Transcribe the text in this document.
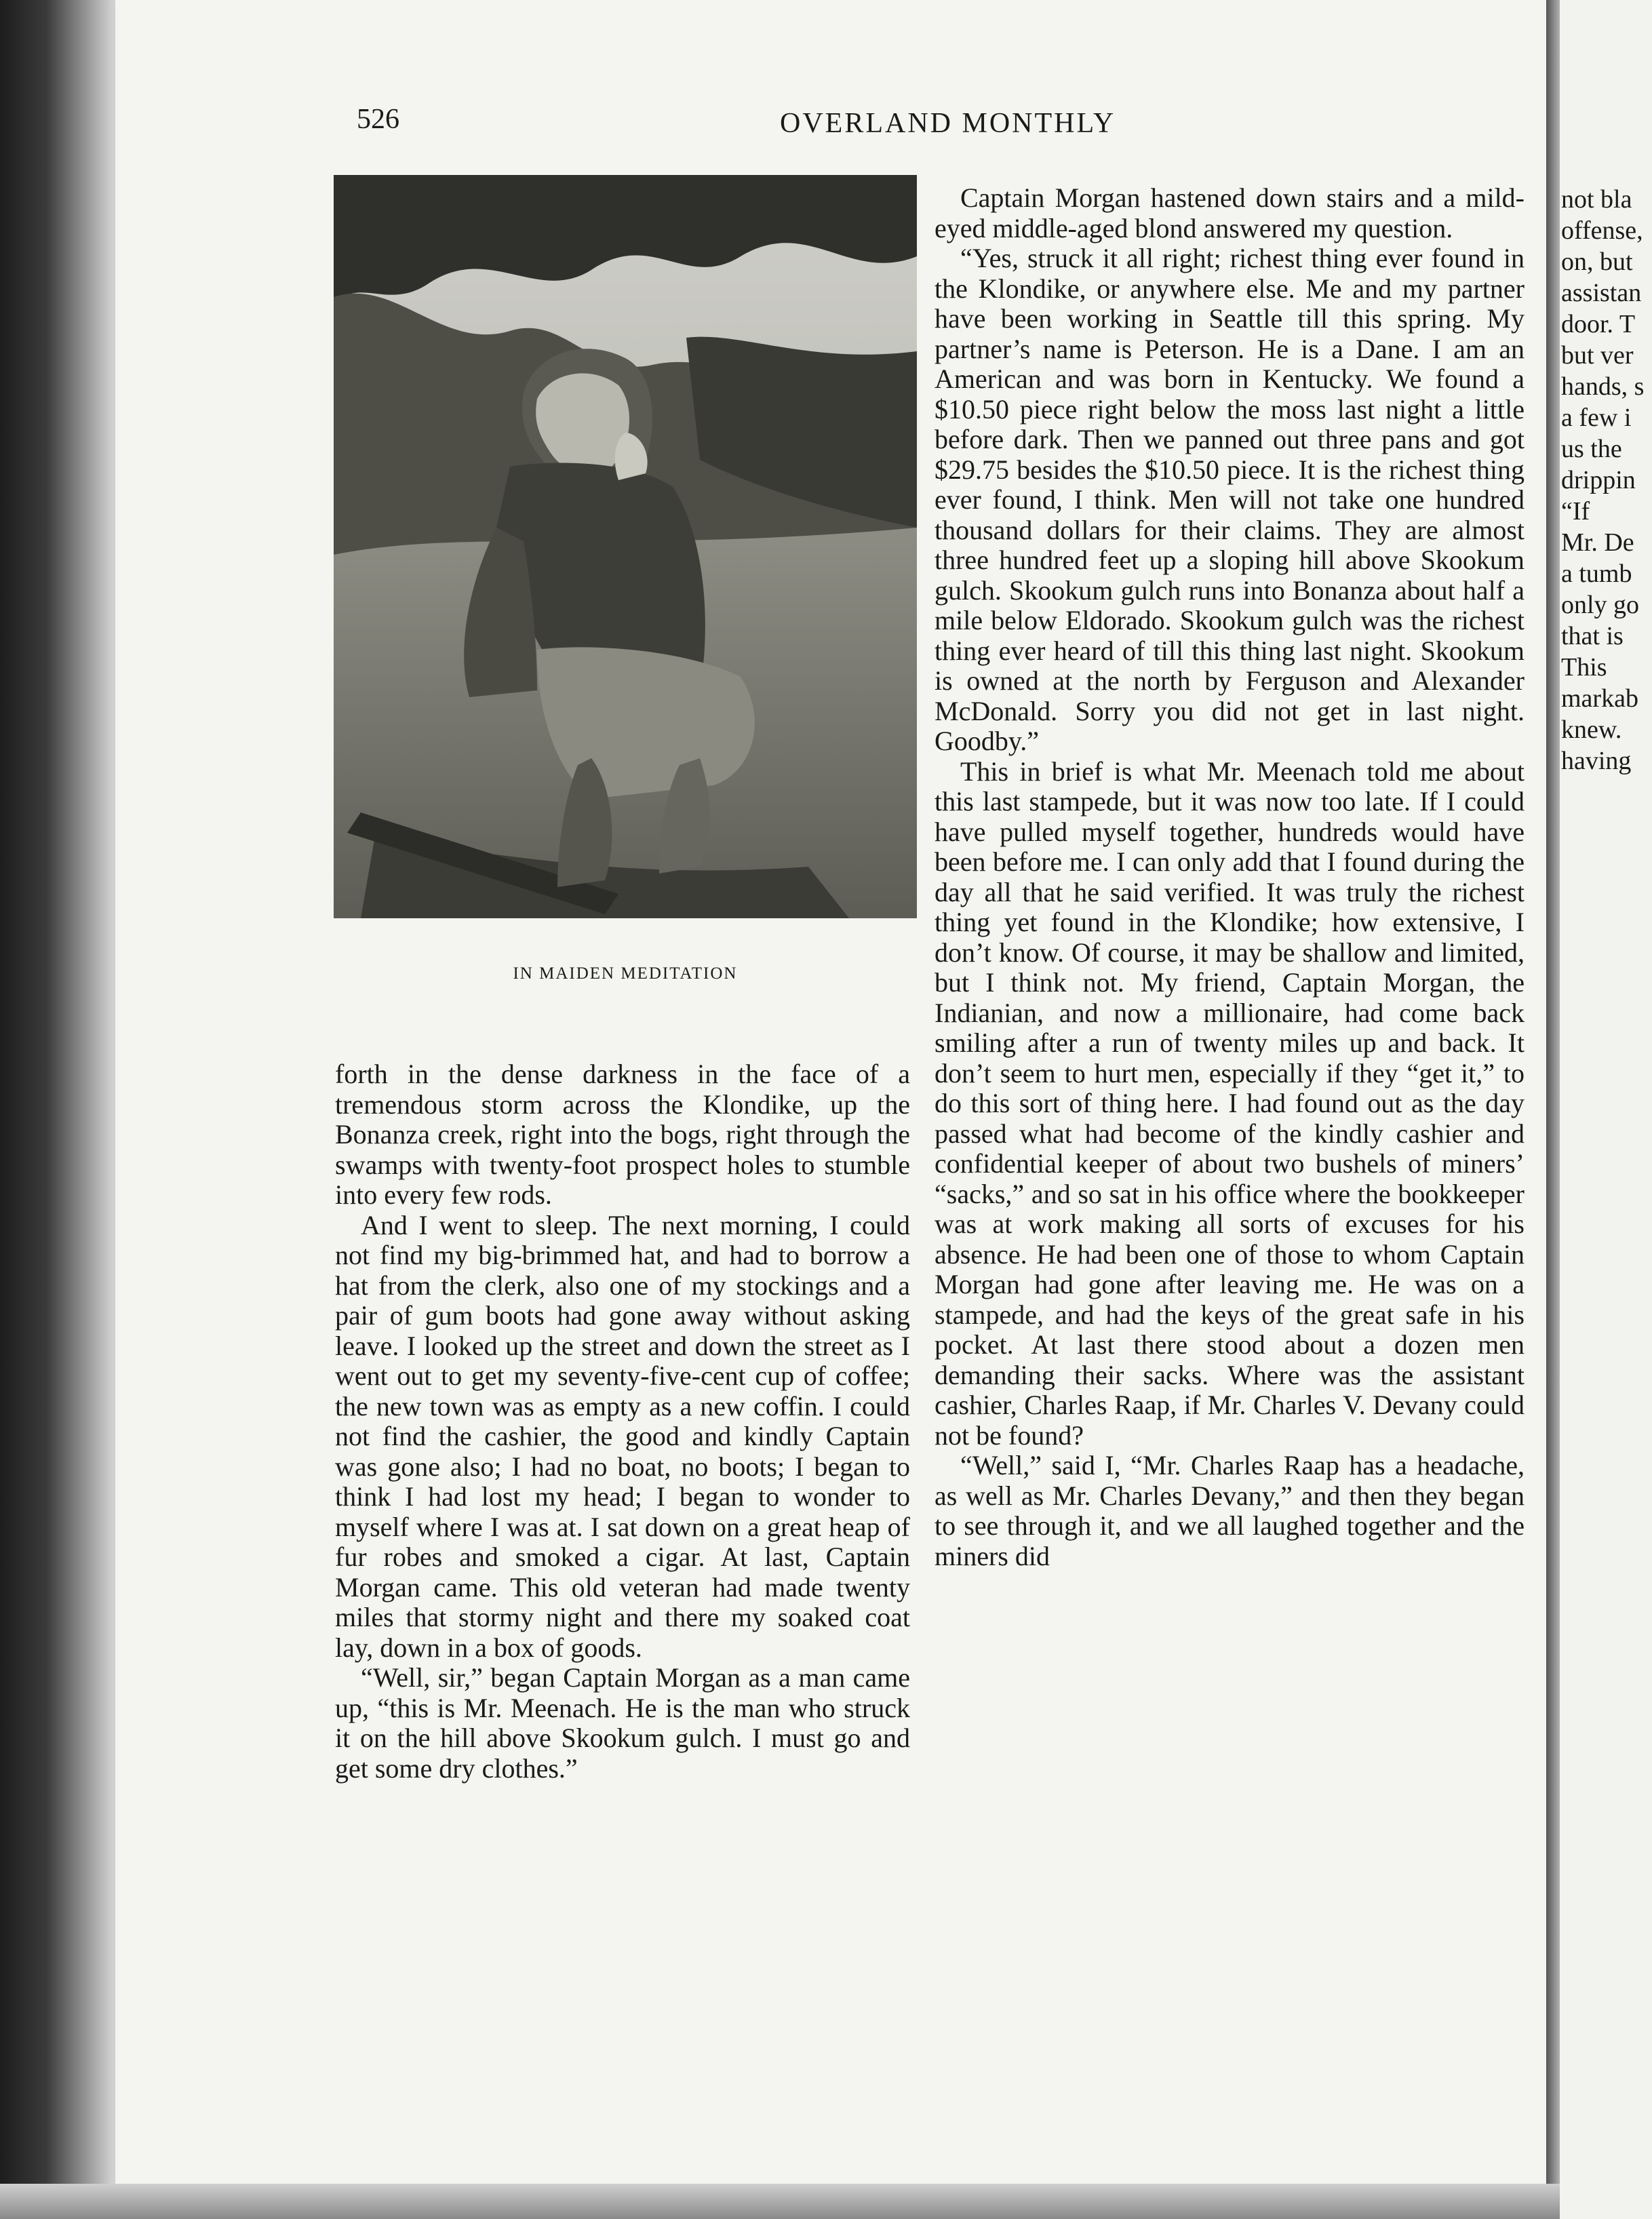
526	OVERLAND MONTHLY
IN MAIDEN MEDITATION

forth in the dense darkness in the face of a tremendous storm across the Klondike, up the Bonanza creek, right into the bogs, right through the swamps with twenty-foot prospect holes to stumble into every few rods.

And I went to sleep. The next morning, I could not find my big-brimmed hat, and had to borrow a hat from the clerk, also one of my stockings and a pair of gum boots had gone away without asking leave. I looked up the street and down the street as I went out to get my seventy-five-cent cup of coffee; the new town was as empty as a new coffin. I could not find the cashier, the good and kindly Captain was gone also; I had no boat, no boots; I began to think I had lost my head; I began to wonder to myself where I was at. I sat down on a great heap of fur robes and smoked a cigar. At last, Captain Morgan came. This old veteran had made twenty miles that stormy night and there my soaked coat lay, down in a box of goods.

“Well, sir,” began Captain Morgan as a man came up, “this is Mr. Meenach. He is the man who struck it on the hill above Skookum gulch. I must go and get some dry clothes.”

Captain Morgan hastened down stairs and a mild-eyed middle-aged blond answered my question.

“Yes, struck it all right; richest thing ever found in the Klondike, or anywhere else. Me and my partner have been working in Seattle till this spring. My partner’s name is Peterson. He is a Dane. I am an American and was born in Kentucky. We found a $10.50 piece right below the moss last night a little before dark. Then we panned out three pans and got $29.75 besides the $10.50 piece. It is the richest thing ever found, I think. Men will not take one hundred thousand dollars for their claims. They are almost three hundred feet up a sloping hill above Skookum gulch. Skookum gulch runs into Bonanza about half a mile below Eldorado. Skookum gulch was the richest thing ever heard of till this thing last night. Skookum is owned at the north by Ferguson and Alexander McDonald. Sorry you did not get in last night. Goodby.”

This in brief is what Mr. Meenach told me about this last stampede, but it was now too late. If I could have pulled myself together, hundreds would have been before me. I can only add that I found during the day all that he said verified. It was truly the richest thing yet found in the Klondike; how extensive, I don’t know. Of course, it may be shallow and limited, but I think not. My friend, Captain Morgan, the Indianian, and now a millionaire, had come back smiling after a run of twenty miles up and back. It don’t seem to hurt men, especially if they “get it,” to do this sort of thing here. I had found out as the day passed what had become of the kindly cashier and confidential keeper of about two bushels of miners’ “sacks,” and so sat in his office where the bookkeeper was at work making all sorts of excuses for his absence. He had been one of those to whom Captain Morgan had gone after leaving me. He was on a stampede, and had the keys of the great safe in his pocket. At last there stood about a dozen men demanding their sacks. Where was the assistant cashier, Charles Raap, if Mr. Charles V. Devany could not be found?

“Well,” said I, “Mr. Charles Raap has a headache, as well as Mr. Charles Devany,” and then they began to see through it, and we all laughed together and the miners did

not bla
offense,
on, but
assistan
door. T
but ver
hands, s
a few i
us the
drippin
“If
Mr. De
a tumb
only go
that is
This
markab
knew.
having
